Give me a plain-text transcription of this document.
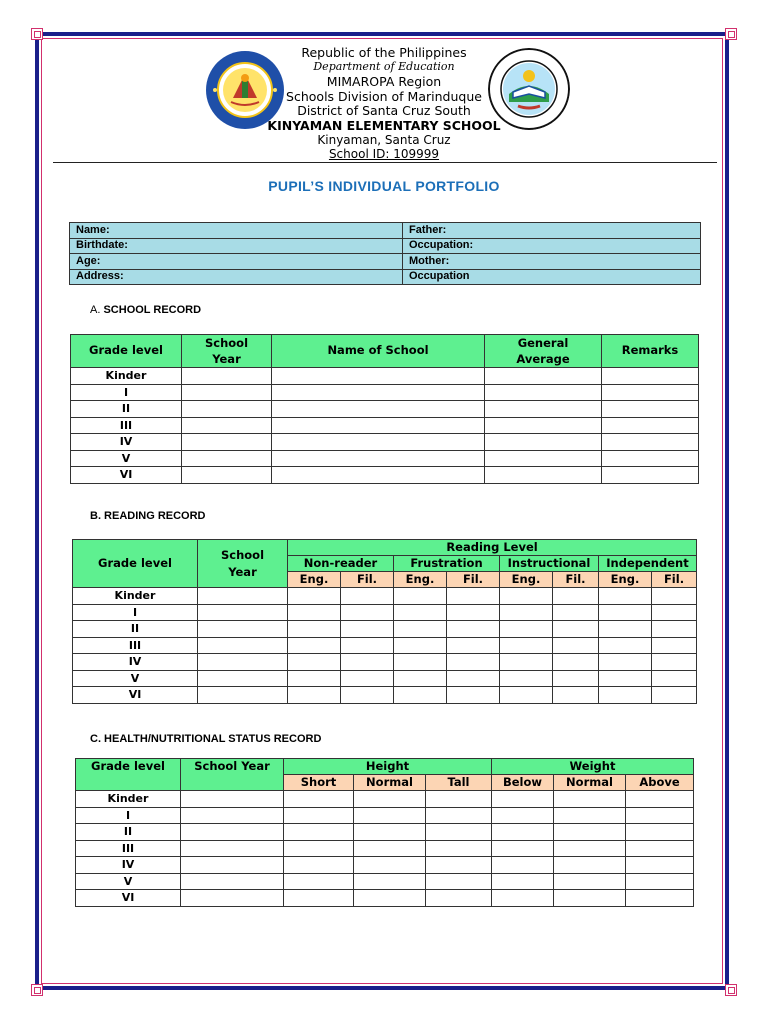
Republic of the Philippines
Department of Education
MIMAROPA Region
Schools Division of Marinduque
District of Santa Cruz South
KINYAMAN ELEMENTARY SCHOOL
Kinyaman, Santa Cruz
School ID: 109999
PUPIL’S INDIVIDUAL PORTFOLIO
Name:	Father:
Birthdate:	Occupation:
Age:	Mother:
Address:	Occupation
A. SCHOOL RECORD
Grade level	School Year	Name of School	General Average	Remarks
Kinder				
I				
II				
III				
IV				
V				
VI				
B. READING RECORD
Grade level	School Year	Reading Level							
		Non-reader		Frustration		Instructional		Independent	
		Eng.	Fil.	Eng.	Fil.	Eng.	Fil.	Eng.	Fil.
Kinder									
I									
II									
III									
IV									
V									
VI									
C. HEALTH/NUTRITIONAL STATUS RECORD
Grade level	School Year	Height			Weight		
		Short	Normal	Tall	Below	Normal	Above
Kinder							
I							
II							
III							
IV							
V							
VI							
